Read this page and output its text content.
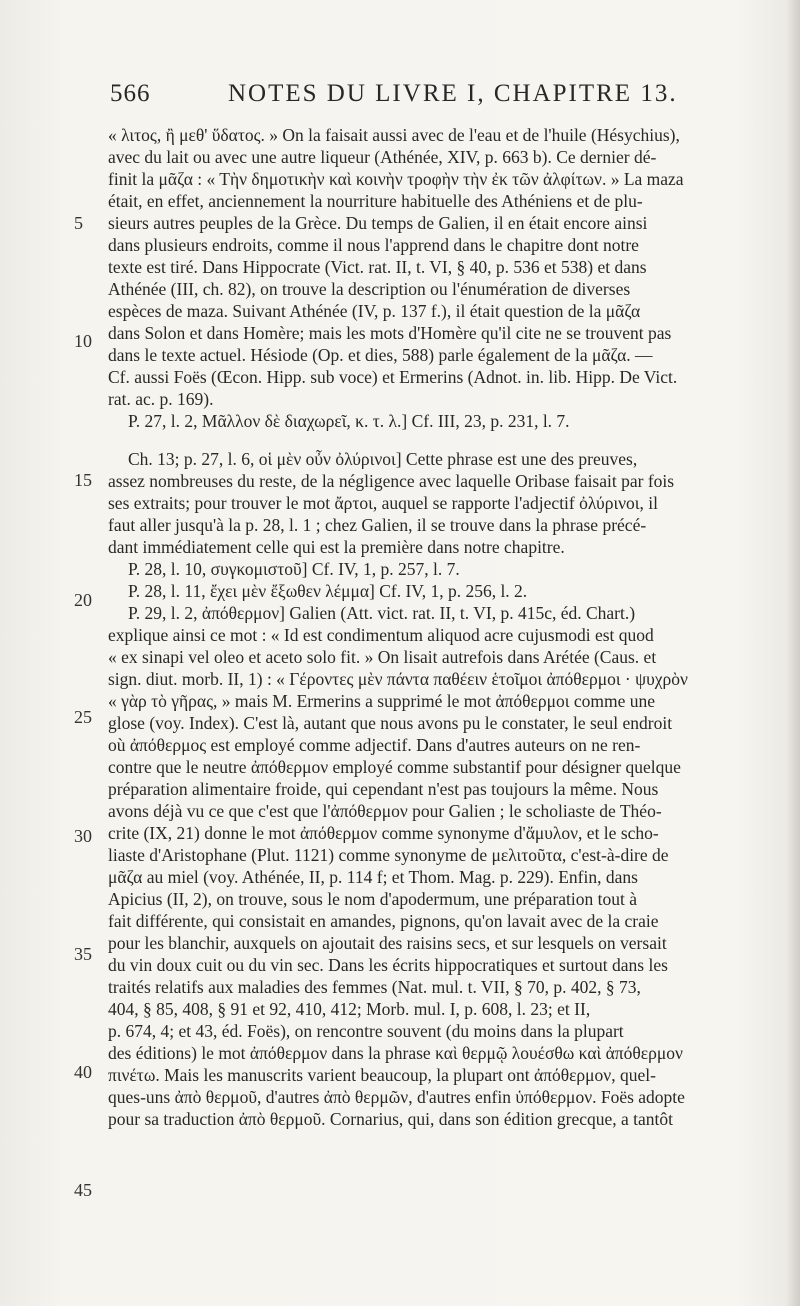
566	NOTES DU LIVRE I, CHAPITRE 13.
5
10
15
20
25
30
35
40
45
« λιτος, ἢ μεθ' ὕδατος. » On la faisait aussi avec de l'eau et de l'huile (Hésychius),
avec du lait ou avec une autre liqueur (Athénée, XIV, p. 663 b). Ce dernier dé-
finit la μᾶζα : « Τὴν δημοτικὴν καὶ κοινὴν τροφὴν τὴν ἐκ τῶν ἀλφίτων. » La maza
était, en effet, anciennement la nourriture habituelle des Athéniens et de plu-
sieurs autres peuples de la Grèce. Du temps de Galien, il en était encore ainsi
dans plusieurs endroits, comme il nous l'apprend dans le chapitre dont notre
texte est tiré. Dans Hippocrate (Vict. rat. II, t. VI, § 40, p. 536 et 538) et dans
Athénée (III, ch. 82), on trouve la description ou l'énumération de diverses
espèces de maza. Suivant Athénée (IV, p. 137 f.), il était question de la μᾶζα
dans Solon et dans Homère; mais les mots d'Homère qu'il cite ne se trouvent pas
dans le texte actuel. Hésiode (Op. et dies, 588) parle également de la μᾶζα. —
Cf. aussi Foës (Œcon. Hipp. sub voce) et Ermerins (Adnot. in. lib. Hipp. De Vict.
rat. ac. p. 169).
P. 27, l. 2, Μᾶλλον δὲ διαχωρεῖ, κ. τ. λ.] Cf. III, 23, p. 231, l. 7.
Ch. 13; p. 27, l. 6, οἱ μὲν οὖν ὀλύρινοι] Cette phrase est une des preuves,
assez nombreuses du reste, de la négligence avec laquelle Oribase faisait par fois
ses extraits; pour trouver le mot ἄρτοι, auquel se rapporte l'adjectif ὀλύρινοι, il
faut aller jusqu'à la p. 28, l. 1 ; chez Galien, il se trouve dans la phrase précé-
dant immédiatement celle qui est la première dans notre chapitre.
P. 28, l. 10, συγκομιστοῦ] Cf. IV, 1, p. 257, l. 7.
P. 28, l. 11, ἔχει μὲν ἔξωθεν λέμμα] Cf. IV, 1, p. 256, l. 2.
P. 29, l. 2, ἀπόθερμον] Galien (Att. vict. rat. II, t. VI, p. 415c, éd. Chart.)
explique ainsi ce mot : « Id est condimentum aliquod acre cujusmodi est quod
« ex sinapi vel oleo et aceto solo fit. » On lisait autrefois dans Arétée (Caus. et
sign. diut. morb. II, 1) : « Γέροντες μὲν πάντα παθέειν ἑτοῖμοι ἀπόθερμοι · ψυχρὸν
« γὰρ τὸ γῆρας, » mais M. Ermerins a supprimé le mot ἀπόθερμοι comme une
glose (voy. Index). C'est là, autant que nous avons pu le constater, le seul endroit
où ἀπόθερμος est employé comme adjectif. Dans d'autres auteurs on ne ren-
contre que le neutre ἀπόθερμον employé comme substantif pour désigner quelque
préparation alimentaire froide, qui cependant n'est pas toujours la même. Nous
avons déjà vu ce que c'est que l'ἀπόθερμον pour Galien ; le scholiaste de Théo-
crite (IX, 21) donne le mot ἀπόθερμον comme synonyme d'ἄμυλον, et le scho-
liaste d'Aristophane (Plut. 1121) comme synonyme de μελιτοῦτα, c'est-à-dire de
μᾶζα au miel (voy. Athénée, II, p. 114 f; et Thom. Mag. p. 229). Enfin, dans
Apicius (II, 2), on trouve, sous le nom d'apodermum, une préparation tout à
fait différente, qui consistait en amandes, pignons, qu'on lavait avec de la craie
pour les blanchir, auxquels on ajoutait des raisins secs, et sur lesquels on versait
du vin doux cuit ou du vin sec. Dans les écrits hippocratiques et surtout dans les
traités relatifs aux maladies des femmes (Nat. mul. t. VII, § 70, p. 402, § 73,
404, § 85, 408, § 91 et 92, 410, 412; Morb. mul. I, p. 608, l. 23; et II,
p. 674, 4; et 43, éd. Foës), on rencontre souvent (du moins dans la plupart
des éditions) le mot ἀπόθερμον dans la phrase καὶ θερμῷ λουέσθω καὶ ἀπόθερμον
πινέτω. Mais les manuscrits varient beaucoup, la plupart ont ἀπόθερμον, quel-
ques-uns ἀπὸ θερμοῦ, d'autres ἀπὸ θερμῶν, d'autres enfin ὑπόθερμον. Foës adopte
pour sa traduction ἀπὸ θερμοῦ. Cornarius, qui, dans son édition grecque, a tantôt
